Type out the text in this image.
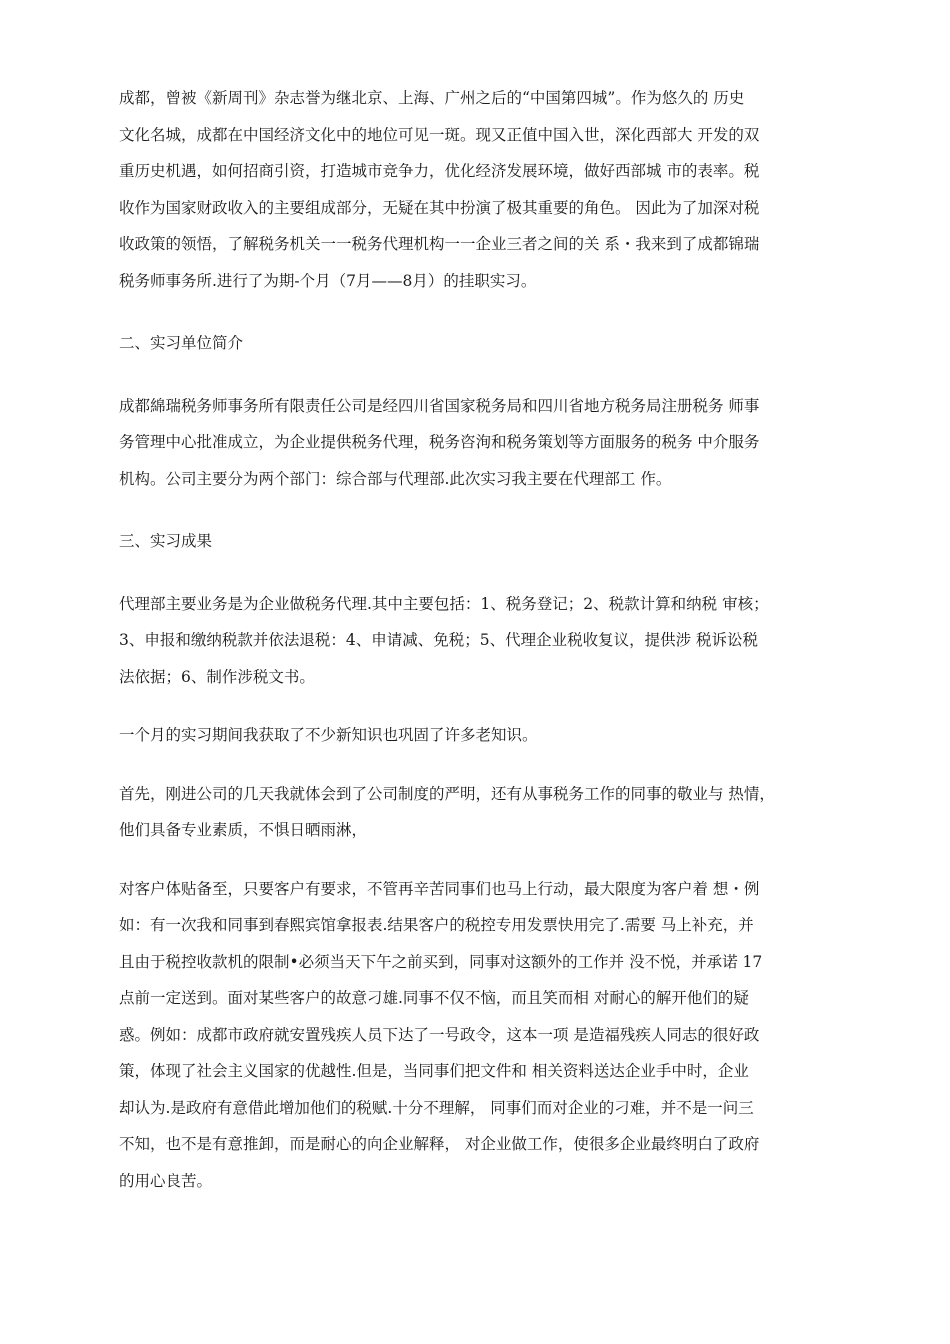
成都，曾被《新周刊》杂志誉为继北京、上海、广州之后的“中国第四城”。作为悠久的 历史
文化名城，成都在中国经济文化中的地位可见一斑。现又正值中国入世，深化西部大 开发的双
重历史机遇，如何招商引资，打造城市竞争力，优化经济发展环境，做好西部城 市的表率。税
收作为国家财政收入的主要组成部分，无疑在其中扮演了极其重要的角色。 因此为了加深对税
收政策的领悟，了解税务机关一一税务代理机构一一企业三者之间的关 系・我来到了成都锦瑞
税务师事务所.进行了为期-个月（7月——8月）的挂职实习。
二、实习单位简介
成都綿瑞税务师事务所有限责任公司是经四川省国家税务局和四川省地方税务局注册税务 师事
务管理中心批准成立，为企业提供税务代理，税务咨洵和税务策划等方面服务的税务 中介服务
机构。公司主要分为两个部门：综合部与代理部.此次实习我主要在代理部工 作。
三、实习成果
代理部主要业务是为企业做税务代理.其中主要包括：1、税务登记；2、税款计算和纳税 审核；
3、申报和缴纳税款并依法退税：4、申请减、免税；5、代理企业税收复议，提供涉 税诉讼税
法依据；6、制作涉税文书。
一个月的实习期间我获取了不少新知识也巩固了许多老知识。
首先，刚进公司的几天我就体会到了公司制度的严明，还有从事税务工作的同事的敬业与 热情，
他们具备专业素质，不惧日晒雨淋，
对客户体贴备至，只要客户有要求，不管再辛苦同事们也马上行动，最大限度为客户着 想・例
如：有一次我和同事到春熙宾馆拿报表.结果客户的税控专用发票快用完了.需要 马上补充，并
且由于税控收款机的限制•必须当天下午之前买到，同事对这额外的工作并 没不悦，并承诺 17
点前一定送到。面对某些客户的故意刁雄.同事不仅不恼，而且笑而相 对耐心的解开他们的疑
惑。例如：成都市政府就安置残疾人员下达了一号政令，这本一项 是造福残疾人同志的很好政
策，体现了社会主义国家的优越性.但是，当同事们把文件和 相关资料送达企业手中时，企业
却认为.是政府有意借此增加他们的税赋.十分不理解， 同事们而对企业的刁难，并不是一问三
不知，也不是有意推卸，而是耐心的向企业解释， 对企业做工作，使很多企业最终明白了政府
的用心良苦。
